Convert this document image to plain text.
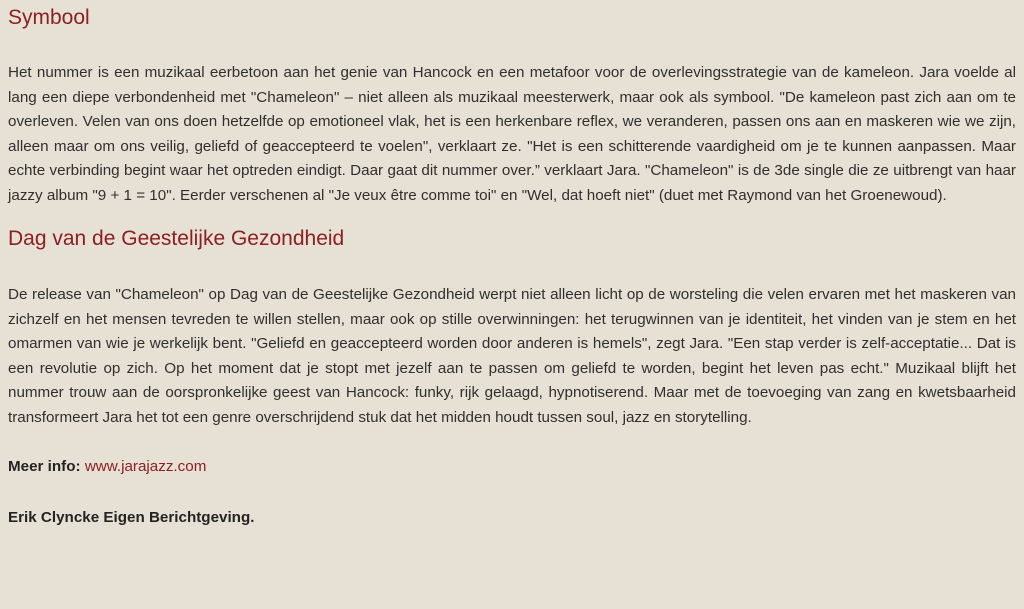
Symbool

Het nummer is een muzikaal eerbetoon aan het genie van Hancock en een metafoor voor de overlevingsstrategie van de kameleon. Jara voelde al lang een diepe verbondenheid met "Chameleon" – niet alleen als muzikaal meesterwerk, maar ook als symbool. "De kameleon past zich aan om te overleven. Velen van ons doen hetzelfde op emotioneel vlak, het is een herkenbare reflex, we veranderen, passen ons aan en maskeren wie we zijn, alleen maar om ons veilig, geliefd of geaccepteerd te voelen", verklaart ze. "Het is een schitterende vaardigheid om je te kunnen aanpassen. Maar echte verbinding begint waar het optreden eindigt. Daar gaat dit nummer over.” verklaart Jara. "Chameleon" is de 3de single die ze uitbrengt van haar jazzy album "9 + 1 = 10". Eerder verschenen al "Je veux être comme toi" en "Wel, dat hoeft niet" (duet met Raymond van het Groenewoud).

Dag van de Geestelijke Gezondheid

De release van "Chameleon" op Dag van de Geestelijke Gezondheid werpt niet alleen licht op de worsteling die velen ervaren met het maskeren van zichzelf en het mensen tevreden te willen stellen, maar ook op stille overwinningen: het terugwinnen van je identiteit, het vinden van je stem en het omarmen van wie je werkelijk bent. "Geliefd en geaccepteerd worden door anderen is hemels", zegt Jara. "Een stap verder is zelf-acceptatie... Dat is een revolutie op zich. Op het moment dat je stopt met jezelf aan te passen om geliefd te worden, begint het leven pas echt." Muzikaal blijft het nummer trouw aan de oorspronkelijke geest van Hancock: funky, rijk gelaagd, hypnotiserend. Maar met de toevoeging van zang en kwetsbaarheid transformeert Jara het tot een genre overschrijdend stuk dat het midden houdt tussen soul, jazz en storytelling.

Meer info: www.jarajazz.com

Erik Clyncke Eigen Berichtgeving.
